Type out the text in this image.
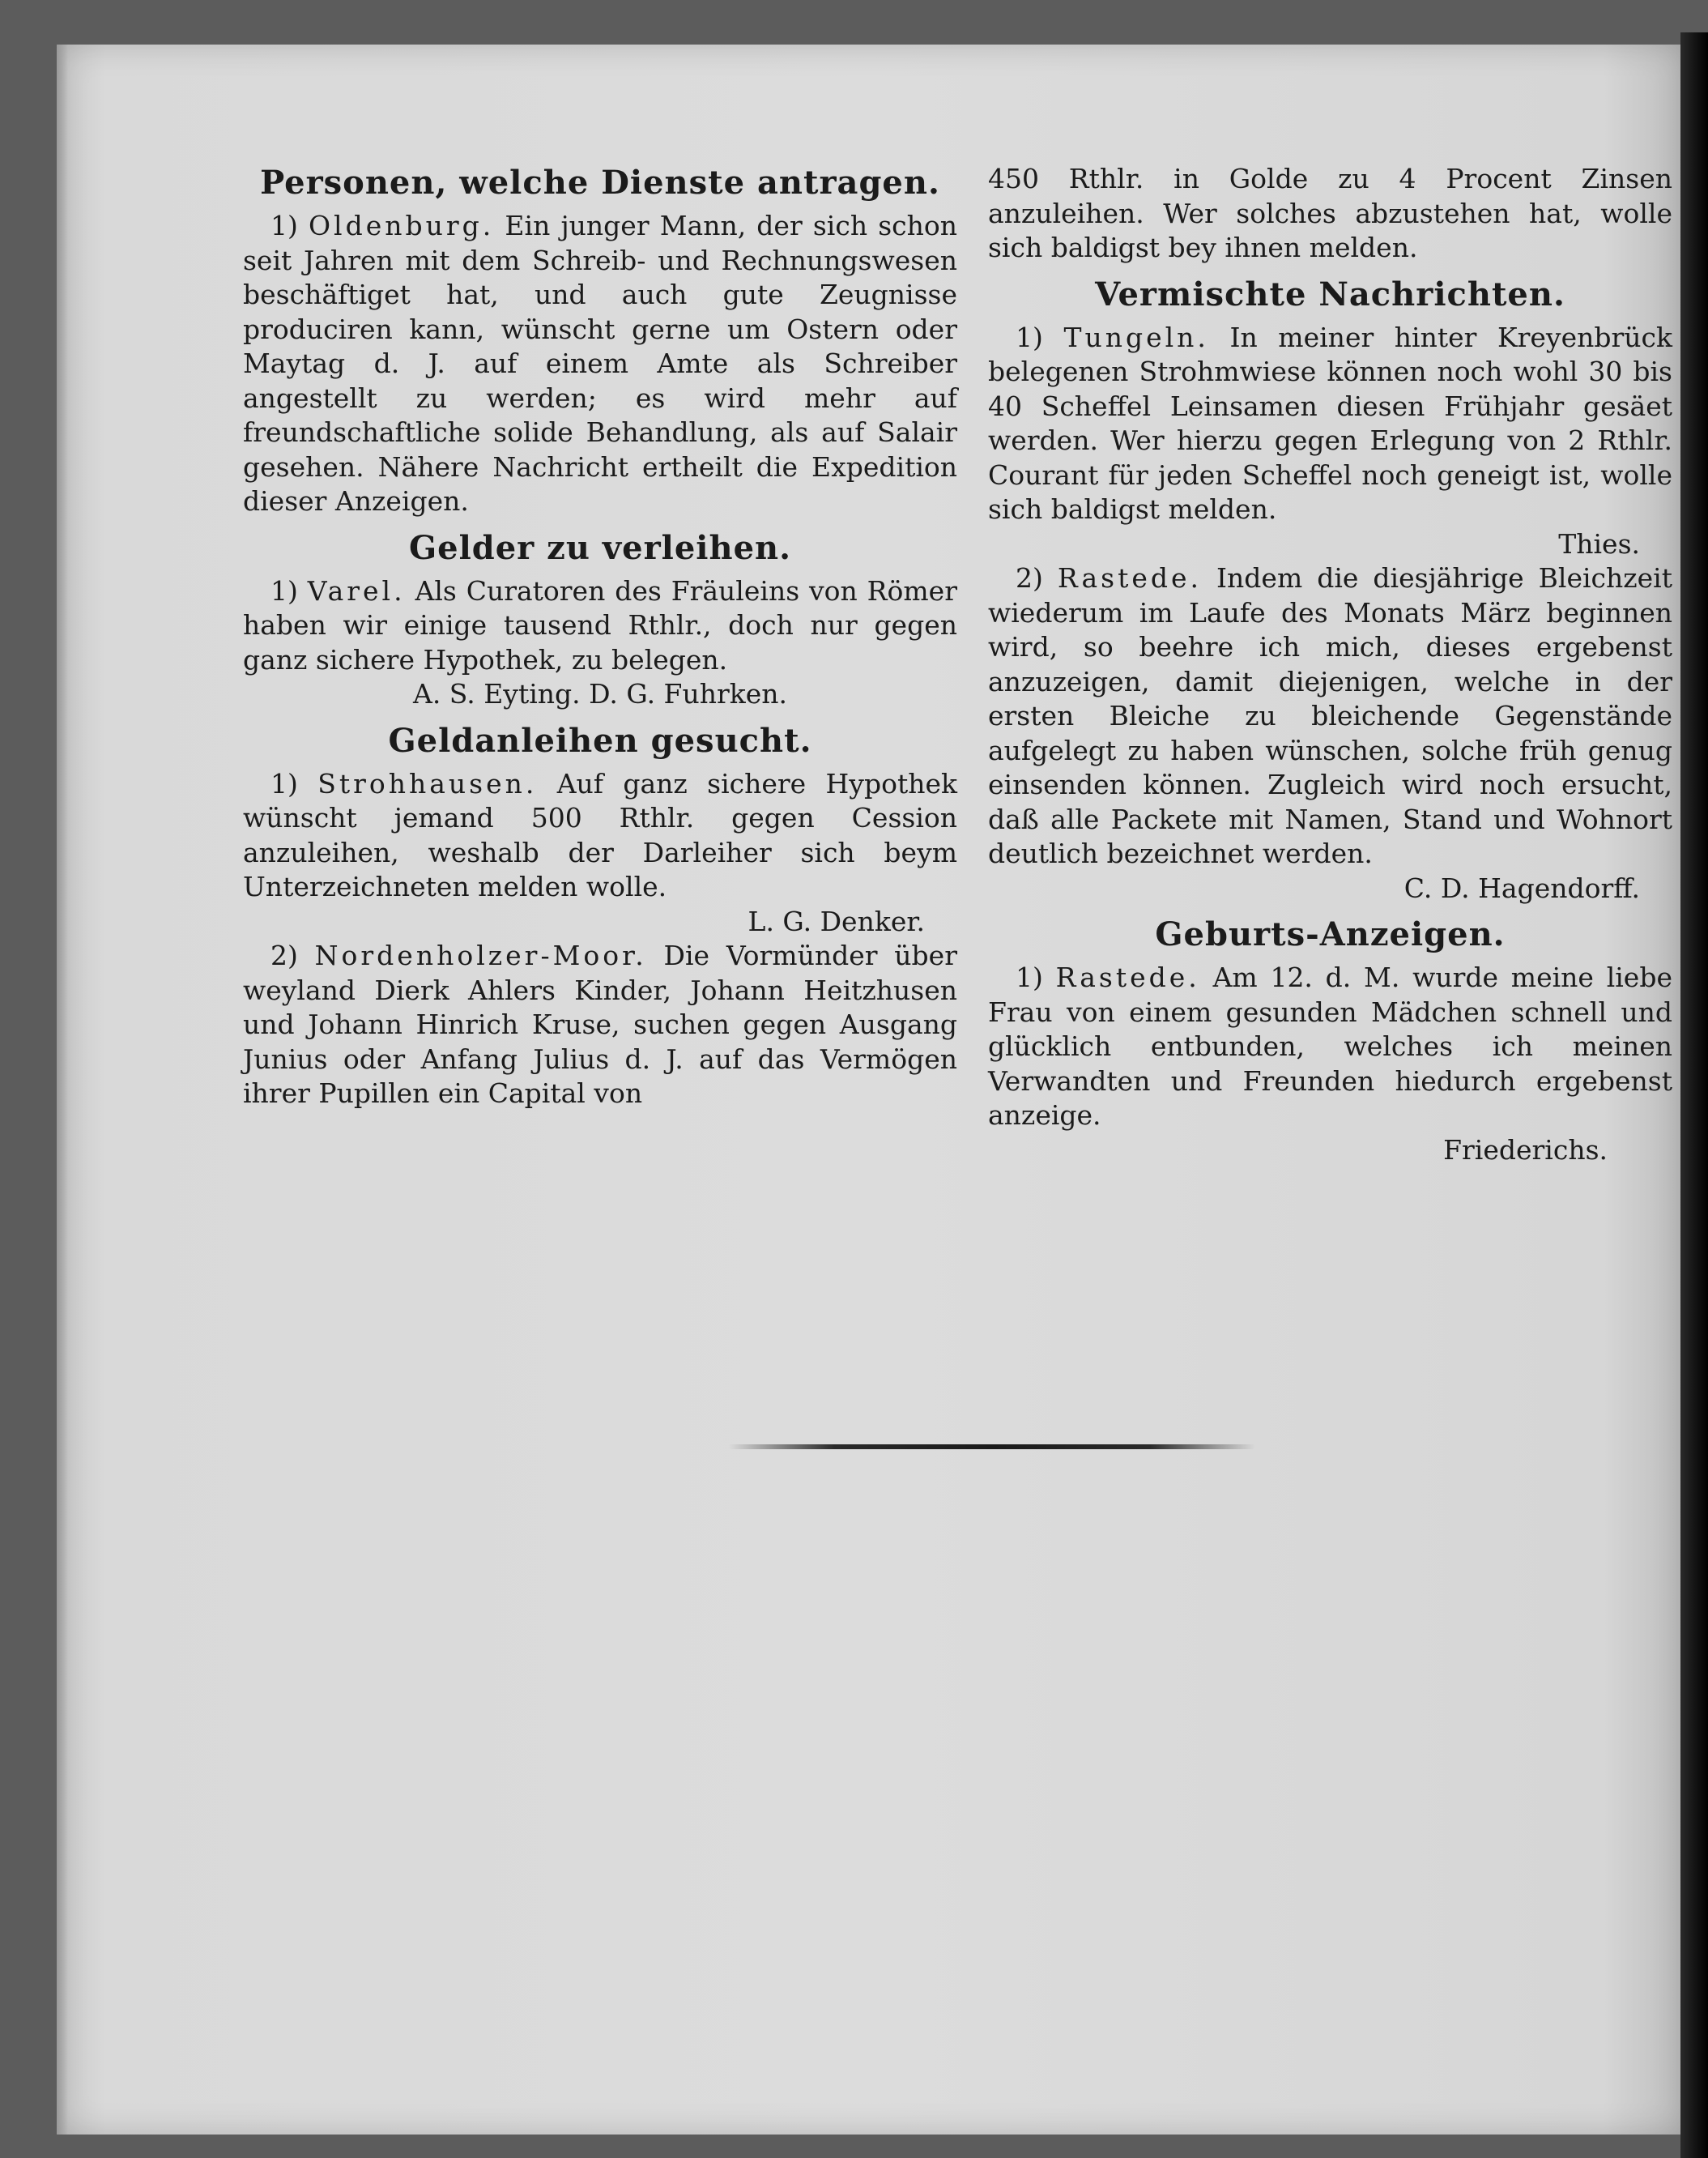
Personen, welche Dienste antragen.

1) Oldenburg. Ein junger Mann, der sich schon seit Jahren mit dem Schreib- und Rechnungswesen beschäftiget hat, und auch gute Zeugnisse produciren kann, wünscht gerne um Ostern oder Maytag d. J. auf einem Amte als Schreiber angestellt zu werden; es wird mehr auf freundschaftliche solide Behandlung, als auf Salair gesehen. Nähere Nachricht ertheilt die Expedition dieser Anzeigen.

Gelder zu verleihen.

1) Varel. Als Curatoren des Fräuleins von Römer haben wir einige tausend Rthlr., doch nur gegen ganz sichere Hypothek, zu belegen.

A. S. Eyting. D. G. Fuhrken.

Geldanleihen gesucht.

1) Strohhausen. Auf ganz sichere Hypothek wünscht jemand 500 Rthlr. gegen Cession anzuleihen, weshalb der Darleiher sich beym Unterzeichneten melden wolle.

L. G. Denker.

2) Nordenholzer-Moor. Die Vormünder über weyland Dierk Ahlers Kinder, Johann Heitzhusen und Johann Hinrich Kruse, suchen gegen Ausgang Junius oder Anfang Julius d. J. auf das Vermögen ihrer Pupillen ein Capital von

450 Rthlr. in Golde zu 4 Procent Zinsen anzuleihen. Wer solches abzustehen hat, wolle sich baldigst bey ihnen melden.

Vermischte Nachrichten.

1) Tungeln. In meiner hinter Kreyenbrück belegenen Strohmwiese können noch wohl 30 bis 40 Scheffel Leinsamen diesen Frühjahr gesäet werden. Wer hierzu gegen Erlegung von 2 Rthlr. Courant für jeden Scheffel noch geneigt ist, wolle sich baldigst melden.

Thies.

2) Rastede. Indem die diesjährige Bleichzeit wiederum im Laufe des Monats März beginnen wird, so beehre ich mich, dieses ergebenst anzuzeigen, damit diejenigen, welche in der ersten Bleiche zu bleichende Gegenstände aufgelegt zu haben wünschen, solche früh genug einsenden können. Zugleich wird noch ersucht, daß alle Packete mit Namen, Stand und Wohnort deutlich bezeichnet werden.

C. D. Hagendorff.

Geburts-Anzeigen.

1) Rastede. Am 12. d. M. wurde meine liebe Frau von einem gesunden Mädchen schnell und glücklich entbunden, welches ich meinen Verwandten und Freunden hiedurch ergebenst anzeige.

Friederichs.
